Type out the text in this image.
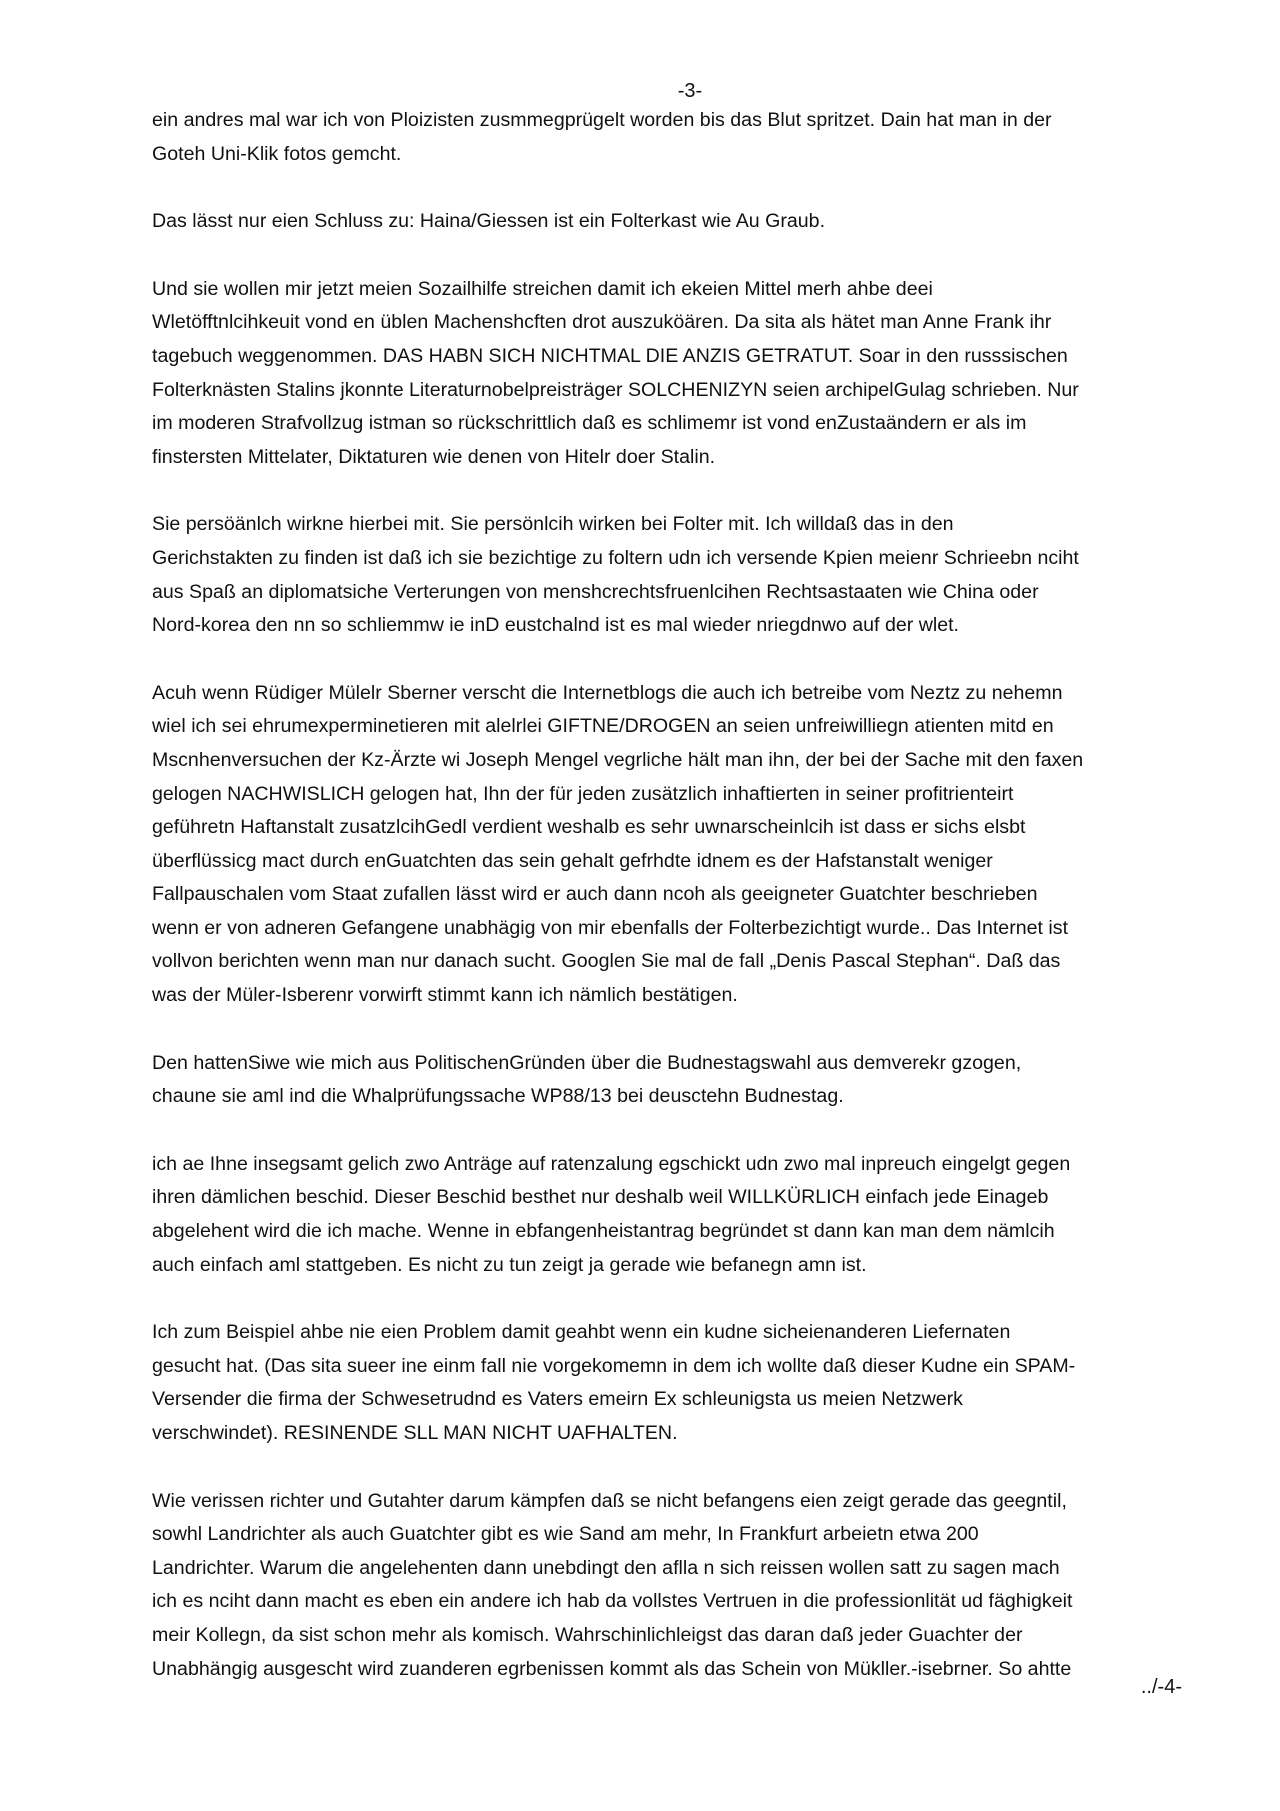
-3-

ein andres mal war ich von Ploizisten zusmmegprügelt worden bis das Blut spritzet. Dain hat man in der
Goteh Uni-Klik fotos gemcht.

Das lässt nur eien Schluss zu: Haina/Giessen ist ein Folterkast wie Au Graub.

Und sie wollen mir jetzt meien Sozailhilfe streichen damit ich ekeien Mittel merh ahbe deei
Wletöfftnlcihkeuit vond en üblen Machenshcften drot auszuköären. Da sita als hätet man Anne Frank ihr
tagebuch weggenommen. DAS HABN SICH NICHTMAL DIE ANZIS GETRATUT. Soar in den russsischen
Folterknästen Stalins jkonnte Literaturnobelpreisträger SOLCHENIZYN seien archipelGulag schrieben. Nur
im moderen Strafvollzug istman so rückschrittlich daß es schlimemr ist vond enZustaändern er als im
finstersten Mittelater, Diktaturen wie denen von Hitelr doer Stalin.

Sie persöänlch wirkne hierbei mit. Sie persönlcih wirken bei Folter mit. Ich willdaß das in den
Gerichstakten zu finden ist daß ich sie bezichtige zu foltern udn ich versende Kpien meienr Schrieebn nciht
aus Spaß an diplomatsiche Verterungen von menshcrechtsfruenlcihen Rechtsastaaten wie China oder
Nord-korea den nn so schliemmw ie inD eustchalnd ist es mal wieder nriegdnwo auf der wlet.

Acuh wenn Rüdiger Mülelr Sberner verscht die Internetblogs die auch ich betreibe vom Neztz zu nehemn
wiel ich sei ehrumexperminetieren mit alelrlei GIFTNE/DROGEN an seien unfreiwilliegn atienten mitd en
Mscnhenversuchen der Kz-Ärzte wi Joseph Mengel vegrliche hält man ihn, der bei der Sache mit den faxen
gelogen NACHWISLICH gelogen hat, Ihn der für jeden zusätzlich inhaftierten in seiner profitrienteirt
geführetn Haftanstalt zusatzlcihGedl verdient weshalb es sehr uwnarscheinlcih ist dass er sichs elsbt
überflüssicg mact durch enGuatchten das sein gehalt gefrhdte idnem es der Hafstanstalt weniger
Fallpauschalen vom Staat zufallen lässt wird er auch dann ncoh als geeigneter Guatchter beschrieben
wenn er von adneren Gefangene unabhägig von mir ebenfalls der Folterbezichtigt wurde.. Das Internet ist
vollvon berichten wenn man nur danach sucht. Googlen Sie mal de fall „Denis Pascal Stephan“. Daß das
was der Müler-Isberenr vorwirft stimmt kann ich nämlich bestätigen.

Den hattenSiwe wie mich aus PolitischenGründen über die Budnestagswahl aus demverekr gzogen,
chaune sie aml ind die Whalprüfungssache WP88/13 bei deusctehn Budnestag.

ich ae Ihne insegsamt gelich zwo Anträge auf ratenzalung egschickt udn zwo mal inpreuch eingelgt gegen
ihren dämlichen beschid. Dieser Beschid besthet nur deshalb weil WILLKÜRLICH einfach jede Einageb
abgelehent wird die ich mache. Wenne in ebfangenheistantrag begründet st dann kan man dem nämlcih
auch einfach aml stattgeben. Es nicht zu tun zeigt ja gerade wie befanegn amn ist.

Ich zum Beispiel ahbe nie eien Problem damit geahbt wenn ein kudne sicheienanderen Liefernaten
gesucht hat. (Das sita sueer ine einm fall nie vorgekomemn in dem ich wollte daß dieser Kudne ein SPAM-
Versender die firma der Schwesetrudnd es Vaters emeirn Ex schleunigsta us meien Netzwerk
verschwindet). RESINENDE SLL MAN NICHT UAFHALTEN.

Wie verissen richter und Gutahter darum kämpfen daß se nicht befangens eien zeigt gerade das geegntil,
sowhl Landrichter als auch Guatchter gibt es wie Sand am mehr, In Frankfurt arbeietn etwa 200
Landrichter. Warum die angelehenten dann unebdingt den aflla n sich reissen wollen satt zu sagen mach
ich es nciht dann macht es eben ein andere ich hab da vollstes Vertruen in die professionlität ud fäghigkeit
meir Kollegn, da sist schon mehr als komisch. Wahrschinlichleigst das daran daß jeder Guachter der
Unabhängig ausgescht wird zuanderen egrbenissen kommt als das Schein von Mükller.-isebrner. So ahtte

../-4-
